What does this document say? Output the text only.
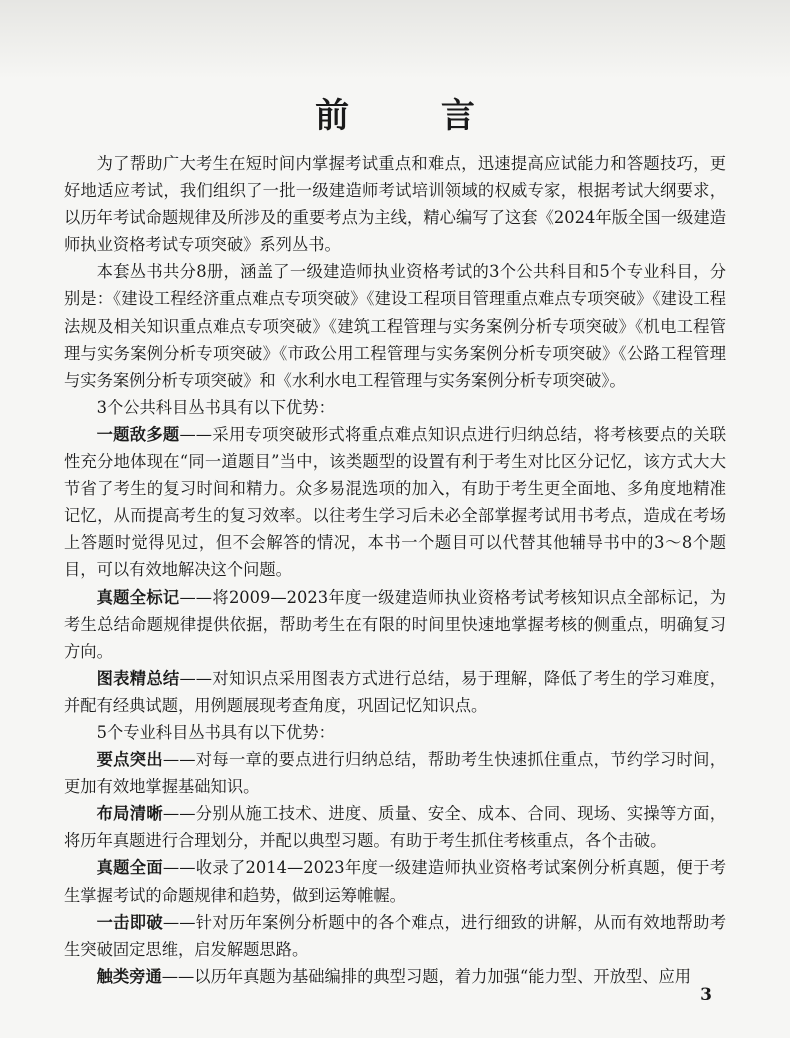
前 言

为了帮助广大考生在短时间内掌握考试重点和难点，迅速提高应试能力和答题技巧，更好地适应考试，我们组织了一批一级建造师考试培训领域的权威专家，根据考试大纲要求，以历年考试命题规律及所涉及的重要考点为主线，精心编写了这套《2024年版全国一级建造师执业资格考试专项突破》系列丛书。

本套丛书共分8册，涵盖了一级建造师执业资格考试的3个公共科目和5个专业科目，分别是：《建设工程经济重点难点专项突破》《建设工程项目管理重点难点专项突破》《建设工程法规及相关知识重点难点专项突破》《建筑工程管理与实务案例分析专项突破》《机电工程管理与实务案例分析专项突破》《市政公用工程管理与实务案例分析专项突破》《公路工程管理与实务案例分析专项突破》和《水利水电工程管理与实务案例分析专项突破》。

3个公共科目丛书具有以下优势：

一题敌多题——采用专项突破形式将重点难点知识点进行归纳总结，将考核要点的关联性充分地体现在“同一道题目”当中，该类题型的设置有利于考生对比区分记忆，该方式大大节省了考生的复习时间和精力。众多易混选项的加入，有助于考生更全面地、多角度地精准记忆，从而提高考生的复习效率。以往考生学习后未必全部掌握考试用书考点，造成在考场上答题时觉得见过，但不会解答的情况，本书一个题目可以代替其他辅导书中的3～8个题目，可以有效地解决这个问题。

真题全标记——将2009—2023年度一级建造师执业资格考试考核知识点全部标记，为考生总结命题规律提供依据，帮助考生在有限的时间里快速地掌握考核的侧重点，明确复习方向。

图表精总结——对知识点采用图表方式进行总结，易于理解，降低了考生的学习难度，并配有经典试题，用例题展现考查角度，巩固记忆知识点。

5个专业科目丛书具有以下优势：

要点突出——对每一章的要点进行归纳总结，帮助考生快速抓住重点，节约学习时间，更加有效地掌握基础知识。

布局清晰——分别从施工技术、进度、质量、安全、成本、合同、现场、实操等方面，将历年真题进行合理划分，并配以典型习题。有助于考生抓住考核重点，各个击破。

真题全面——收录了2014—2023年度一级建造师执业资格考试案例分析真题，便于考生掌握考试的命题规律和趋势，做到运筹帷幄。

一击即破——针对历年案例分析题中的各个难点，进行细致的讲解，从而有效地帮助考生突破固定思维，启发解题思路。

触类旁通——以历年真题为基础编排的典型习题，着力加强“能力型、开放型、应用

3
